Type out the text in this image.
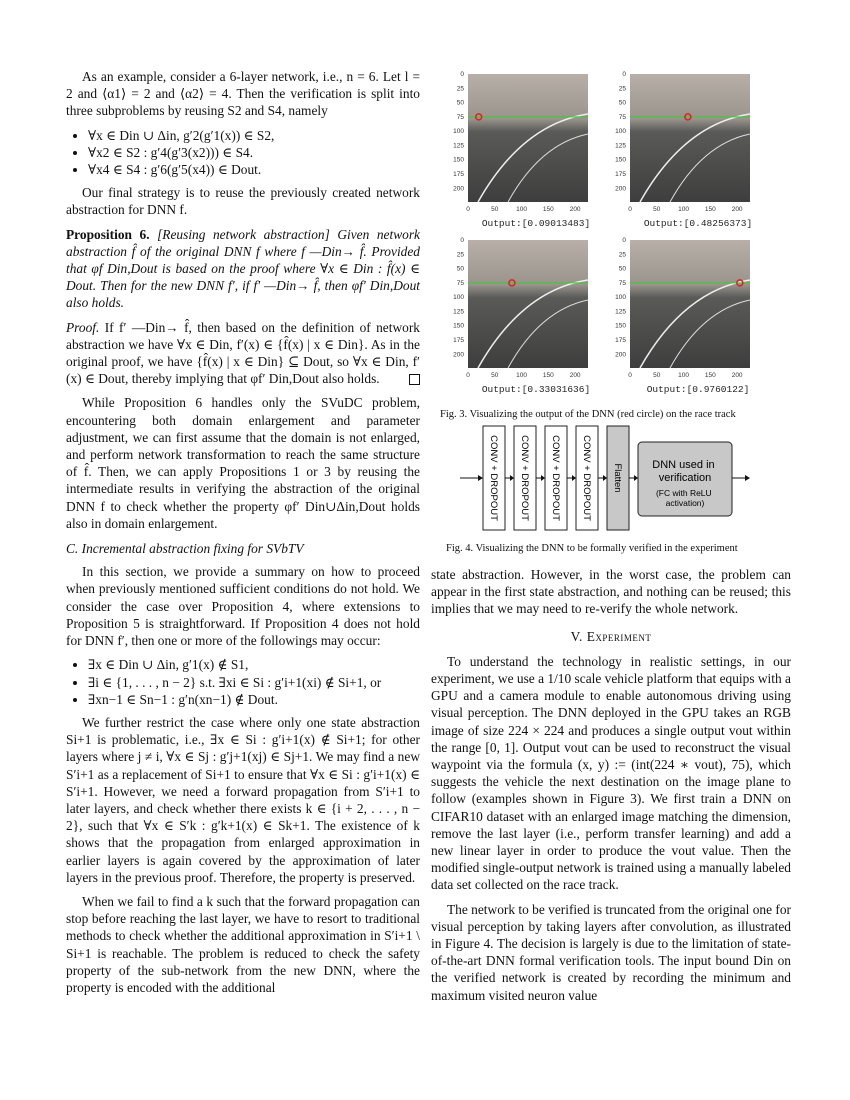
As an example, consider a 6-layer network, i.e., n = 6. Let l = 2 and ⟨α1⟩ = 2 and ⟨α2⟩ = 4. Then the verification is split into three subproblems by reusing S2 and S4, namely

• ∀x ∈ Din ∪ Δin, g′2(g′1(x)) ∈ S2,
• ∀x2 ∈ S2 : g′4(g′3(x2))) ∈ S4.
• ∀x4 ∈ S4 : g′6(g′5(x4)) ∈ Dout.

Our final strategy is to reuse the previously created network abstraction for DNN f.

Proposition 6. [Reusing network abstraction] Given network abstraction f̂ of the original DNN f where f —Din→ f̂. Provided that φf Din,Dout is based on the proof where ∀x ∈ Din : f̂(x) ∈ Dout. Then for the new DNN f′, if f′ —Din→ f̂, then φf′ Din,Dout also holds.

Proof. If f′ —Din→ f̂, then based on the definition of network abstraction we have ∀x ∈ Din, f′(x) ∈ {f̂(x) | x ∈ Din}. As in the original proof, we have {f̂(x) | x ∈ Din} ⊆ Dout, so ∀x ∈ Din, f′(x) ∈ Dout, thereby implying that φf′ Din,Dout also holds.

While Proposition 6 handles only the SVuDC problem, encountering both domain enlargement and parameter adjustment, we can first assume that the domain is not enlarged, and perform network transformation to reach the same structure of f̂. Then, we can apply Propositions 1 or 3 by reusing the intermediate results in verifying the abstraction of the original DNN f to check whether the property φf′ Din∪Δin,Dout holds also in domain enlargement.

C. Incremental abstraction fixing for SVbTV

In this section, we provide a summary on how to proceed when previously mentioned sufficient conditions do not hold. We consider the case over Proposition 4, where extensions to Proposition 5 is straightforward. If Proposition 4 does not hold for DNN f′, then one or more of the followings may occur:

• ∃x ∈ Din ∪ Δin, g′1(x) ∉ S1,
• ∃i ∈ {1, . . . , n − 2} s.t. ∃xi ∈ Si : g′i+1(xi) ∉ Si+1, or
• ∃xn−1 ∈ Sn−1 : g′n(xn−1) ∉ Dout.

We further restrict the case where only one state abstraction Si+1 is problematic, i.e., ∃x ∈ Si : g′i+1(x) ∉ Si+1; for other layers where j ≠ i, ∀x ∈ Sj : g′j+1(xj) ∈ Sj+1. We may find a new S′i+1 as a replacement of Si+1 to ensure that ∀x ∈ Si : g′i+1(x) ∈ S′i+1. However, we need a forward propagation from S′i+1 to later layers, and check whether there exists k ∈ {i + 2, . . . , n − 2}, such that ∀x ∈ S′k : g′k+1(x) ∈ Sk+1. The existence of k shows that the propagation from enlarged approximation in earlier layers is again covered by the approximation of later layers in the previous proof. Therefore, the property is preserved.

When we fail to find a k such that the forward propagation can stop before reaching the last layer, we have to resort to traditional methods to check whether the additional approximation in S′i+1 \ Si+1 is reachable. The problem is reduced to check the safety property of the sub-network from the new DNN, where the property is encoded with the additional

0
25
50
75
100
125
150
175
200
0	50	100 150 200
Output:[0.09013483]
0
25
50
75
100
125
150
175
200
0	50	100 150 200
Output:[0.48256373]
0
25
50
75
100
125
150
175
200
0	50	100 150 200
Output:[0.33031636]
0
25
50
75
100
125
150
175
200
0	50	100 150 200
Output:[0.9760122]
Fig. 3. Visualizing the output of the DNN (red circle) on the race track
CONV + DROPOUT CONV + DROPOUT CONV + DROPOUT CONV + DROPOUT Flatten	DNN used in verification
(FC with ReLU activation)
Fig. 4. Visualizing the DNN to be formally verified in the experiment

state abstraction. However, in the worst case, the problem can appear in the first state abstraction, and nothing can be reused; this implies that we may need to re-verify the whole network.

V. Experiment

To understand the technology in realistic settings, in our experiment, we use a 1/10 scale vehicle platform that equips with a GPU and a camera module to enable autonomous driving using visual perception. The DNN deployed in the GPU takes an RGB image of size 224 × 224 and produces a single output vout within the range [0, 1]. Output vout can be used to reconstruct the visual waypoint via the formula (x, y) := (int(224 ∗ vout), 75), which suggests the vehicle the next destination on the image plane to follow (examples shown in Figure 3). We first train a DNN on CIFAR10 dataset with an enlarged image matching the dimension, remove the last layer (i.e., perform transfer learning) and add a new linear layer in order to produce the vout value. Then the modified single-output network is trained using a manually labeled data set collected on the race track.

The network to be verified is truncated from the original one for visual perception by taking layers after convolution, as illustrated in Figure 4. The decision is largely is due to the limitation of state-of-the-art DNN formal verification tools. The input bound Din on the verified network is created by recording the minimum and maximum visited neuron value
